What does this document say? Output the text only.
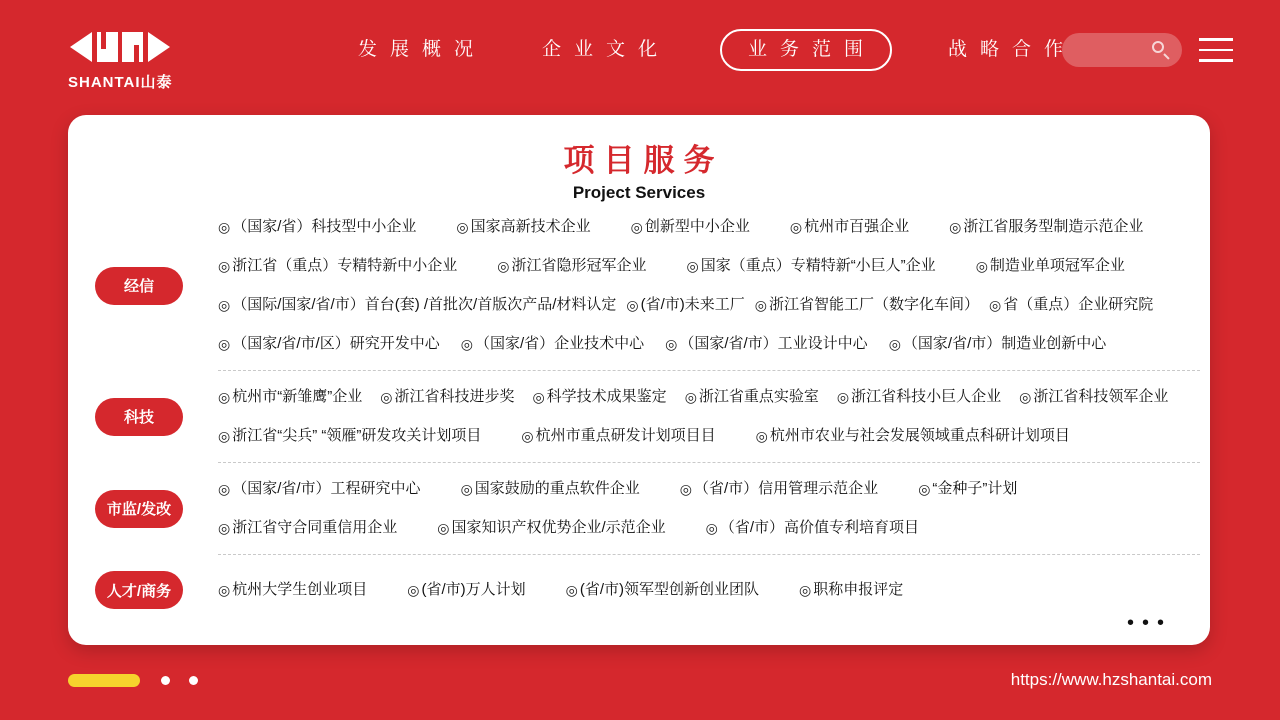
SHANTAI山泰
发展概况	企业文化	业务范围	战略合作
项目服务
Project Services
经信
◎ （国家/省）科技型中小企业	◎ 国家高新技术企业	◎ 创新型中小企业	◎ 杭州市百强企业	◎ 浙江省服务型制造示范企业
◎ 浙江省（重点）专精特新中小企业	◎ 浙江省隐形冠军企业	◎ 国家（重点）专精特新“小巨人”企业	◎ 制造业单项冠军企业
◎ （国际/国家/省/市）首台(套) /首批次/首版次产品/材料认定 ◎ (省/市)未来工厂 ◎ 浙江省智能工厂（数字化车间） ◎ 省（重点）企业研究院
◎ （国家/省/市/区）研究开发中心 ◎ （国家/省）企业技术中心 ◎ （国家/省/市）工业设计中心 ◎ （国家/省/市）制造业创新中心
科技
◎ 杭州市“新雏鹰”企业 ◎ 浙江省科技进步奖 ◎ 科学技术成果鉴定 ◎ 浙江省重点实验室 ◎ 浙江省科技小巨人企业 ◎ 浙江省科技领军企业
◎ 浙江省“尖兵” “领雁”研发攻关计划项目	◎ 杭州市重点研发计划项目目	◎ 杭州市农业与社会发展领域重点科研计划项目
市监/发改
◎ （国家/省/市）工程研究中心	◎ 国家鼓励的重点软件企业	◎ （省/市）信用管理示范企业	◎ “金种子”计划
◎ 浙江省守合同重信用企业	◎ 国家知识产权优势企业/示范企业	◎ （省/市）高价值专利培育项目
人才/商务	◎ 杭州大学生创业项目	◎ (省/市)万人计划	◎ (省/市)领军型创新创业团队	◎ 职称申报评定
•••
https://www.hzshantai.com
